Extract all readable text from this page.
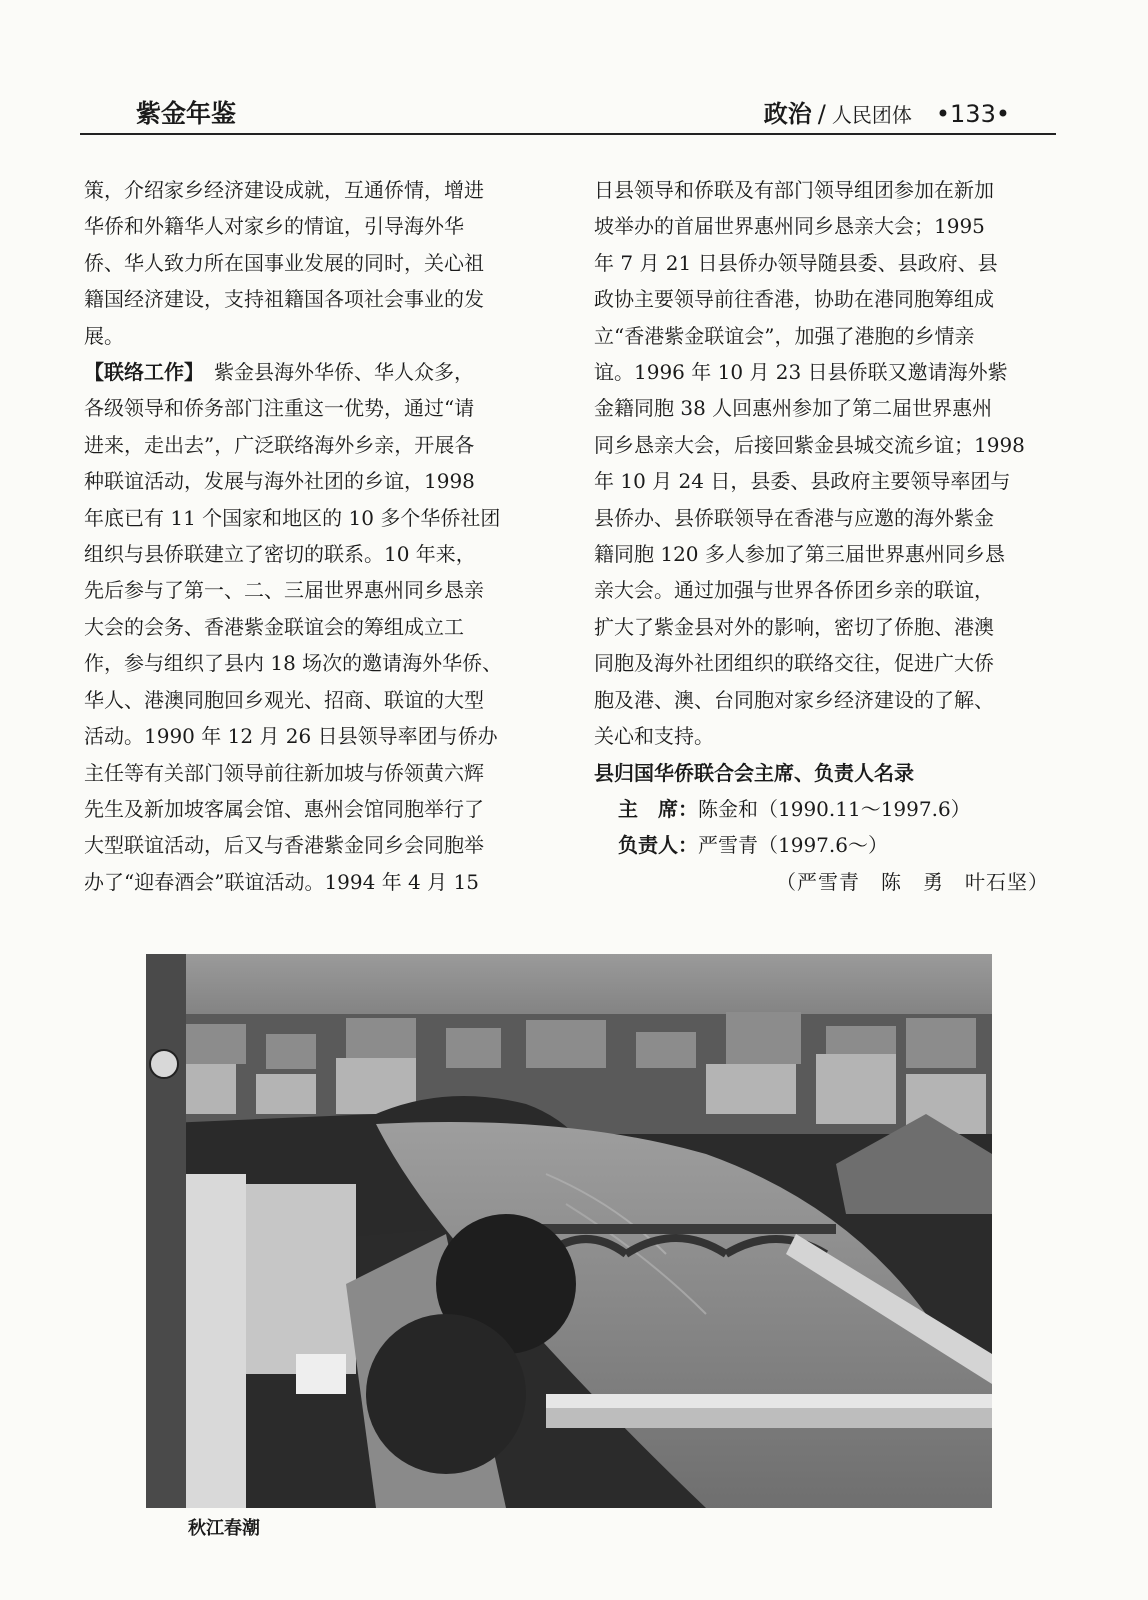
紫金年鉴	政治 / 人民团体 •133•

策，介绍家乡经济建设成就，互通侨情，增进

华侨和外籍华人对家乡的情谊，引导海外华

侨、华人致力所在国事业发展的同时，关心祖

籍国经济建设，支持祖籍国各项社会事业的发

展。

【联络工作】　紫金县海外华侨、华人众多，

各级领导和侨务部门注重这一优势，通过“请

进来，走出去”，广泛联络海外乡亲，开展各

种联谊活动，发展与海外社团的乡谊，1998

年底已有 11 个国家和地区的 10 多个华侨社团

组织与县侨联建立了密切的联系。10 年来，

先后参与了第一、二、三届世界惠州同乡恳亲

大会的会务、香港紫金联谊会的筹组成立工

作，参与组织了县内 18 场次的邀请海外华侨、

华人、港澳同胞回乡观光、招商、联谊的大型

活动。1990 年 12 月 26 日县领导率团与侨办

主任等有关部门领导前往新加坡与侨领黄六辉

先生及新加坡客属会馆、惠州会馆同胞举行了

大型联谊活动，后又与香港紫金同乡会同胞举

办了“迎春酒会”联谊活动。1994 年 4 月 15

日县领导和侨联及有部门领导组团参加在新加

坡举办的首届世界惠州同乡恳亲大会；1995

年 7 月 21 日县侨办领导随县委、县政府、县

政协主要领导前往香港，协助在港同胞筹组成

立“香港紫金联谊会”，加强了港胞的乡情亲

谊。1996 年 10 月 23 日县侨联又邀请海外紫

金籍同胞 38 人回惠州参加了第二届世界惠州

同乡恳亲大会，后接回紫金县城交流乡谊；1998

年 10 月 24 日，县委、县政府主要领导率团与

县侨办、县侨联领导在香港与应邀的海外紫金

籍同胞 120 多人参加了第三届世界惠州同乡恳

亲大会。通过加强与世界各侨团乡亲的联谊，

扩大了紫金县对外的影响，密切了侨胞、港澳

同胞及海外社团组织的联络交往，促进广大侨

胞及港、澳、台同胞对家乡经济建设的了解、

关心和支持。

县归国华侨联合会主席、负责人名录

主　席：陈金和（1990.11～1997.6）

负责人：严雪青（1997.6～）

（严雪青　陈　勇　叶石坚）

秋江春潮
